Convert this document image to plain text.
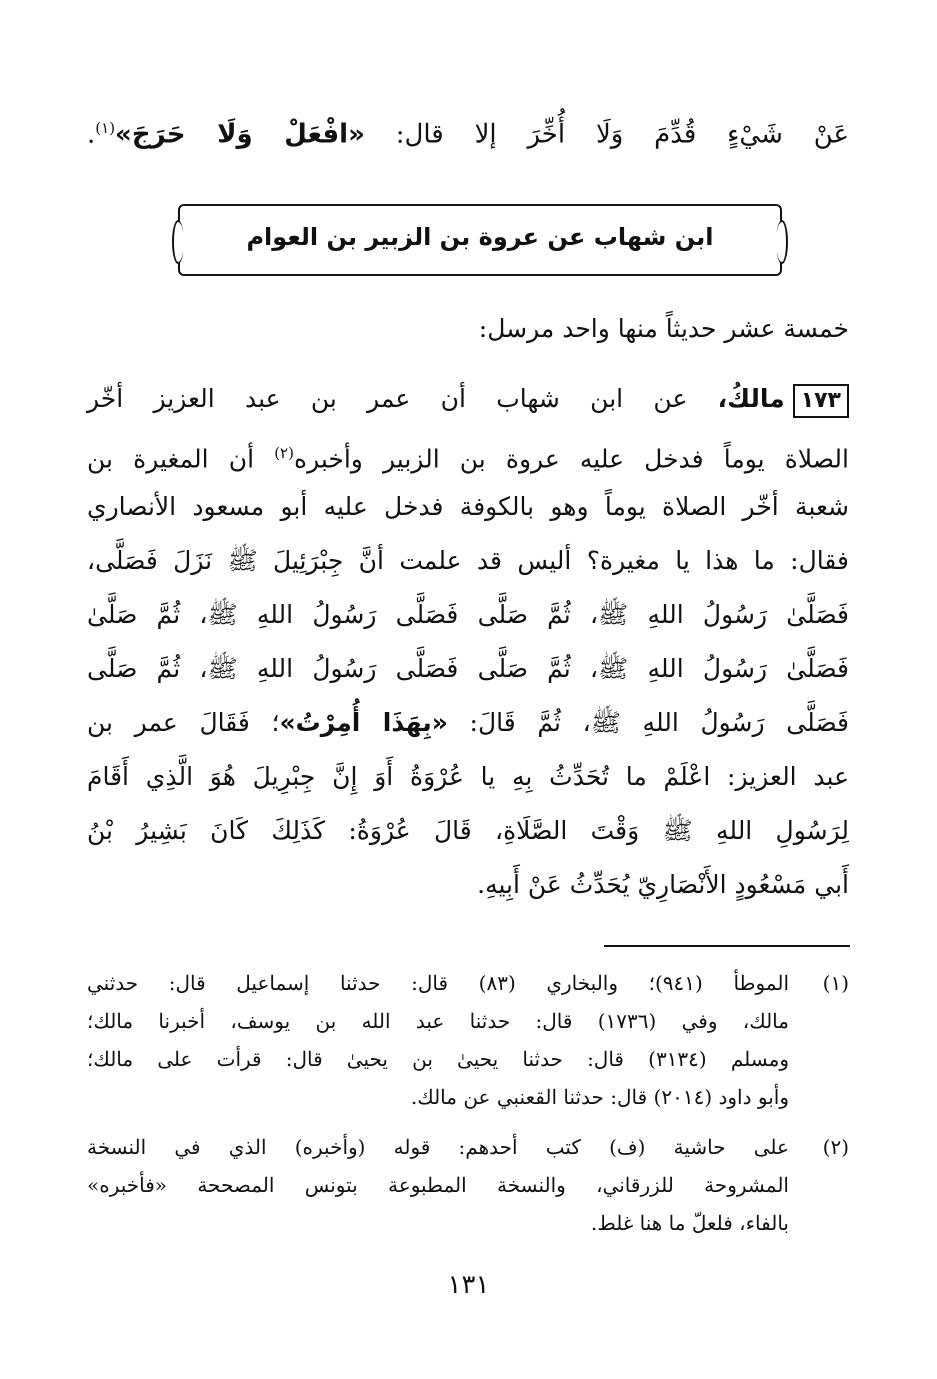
عَنْ شَيْءٍ قُدِّمَ وَلَا أُخِّرَ إلا قال: «افْعَلْ وَلَا حَرَجَ»$^{(١)}$.
ابن شهاب عن عروة بن الزبير بن العوام
خمسة عشر حديثاً منها واحد مرسل:
١٧٣مالكُ، عن ابن شهاب أن عمر بن عبد العزيز أخّر
الصلاة يوماً فدخل عليه عروة بن الزبير وأخبره$^{(٢)}$ أن المغيرة بن
شعبة أخّر الصلاة يوماً وهو بالكوفة فدخل عليه أبو مسعود الأنصاري
فقال: ما هذا يا مغيرة؟ أليس قد علمت أنَّ جِبْرَئِيلَ ﷺ نَزَلَ فَصَلَّى،
فَصَلَّىٰ رَسُولُ اللهِ ﷺ، ثُمَّ صَلَّى فَصَلَّى رَسُولُ اللهِ ﷺ، ثُمَّ صَلَّىٰ
فَصَلَّىٰ رَسُولُ اللهِ ﷺ، ثُمَّ صَلَّى فَصَلَّى رَسُولُ اللهِ ﷺ، ثُمَّ صَلَّى
فَصَلَّى رَسُولُ اللهِ ﷺ، ثُمَّ قَالَ: «بِهَذَا أُمِرْتُ»؛ فَقَالَ عمر بن
عبد العزيز: اعْلَمْ ما تُحَدِّثُ بِهِ يا عُرْوَةُ أَوَ إِنَّ جِبْرِيلَ هُوَ الَّذِي أَقَامَ
لِرَسُولِ اللهِ ﷺ وَقْتَ الصَّلَاةِ، قَالَ عُرْوَةُ: كَذَلِكَ كَانَ بَشِيرُ بْنُ
أَبي مَسْعُودٍ الأَنْصَارِيّ يُحَدِّثُ عَنْ أَبِيهِ.
(١)
الموطأ (٩٤١)؛ والبخاري (٨٣) قال: حدثنا إسماعيل قال: حدثني
مالك، وفي (١٧٣٦) قال: حدثنا عبد الله بن يوسف، أخبرنا مالك؛
ومسلم (٣١٣٤) قال: حدثنا يحيىٰ بن يحيىٰ قال: قرأت على مالك؛
وأبو داود (٢٠١٤) قال: حدثنا القعنبي عن مالك.
(٢)
على حاشية (ف) كتب أحدهم: قوله (وأخبره) الذي في النسخة
المشروحة للزرقاني، والنسخة المطبوعة بتونس المصححة «فأخبره»
بالفاء، فلعلّ ما هنا غلط.
١٣١
